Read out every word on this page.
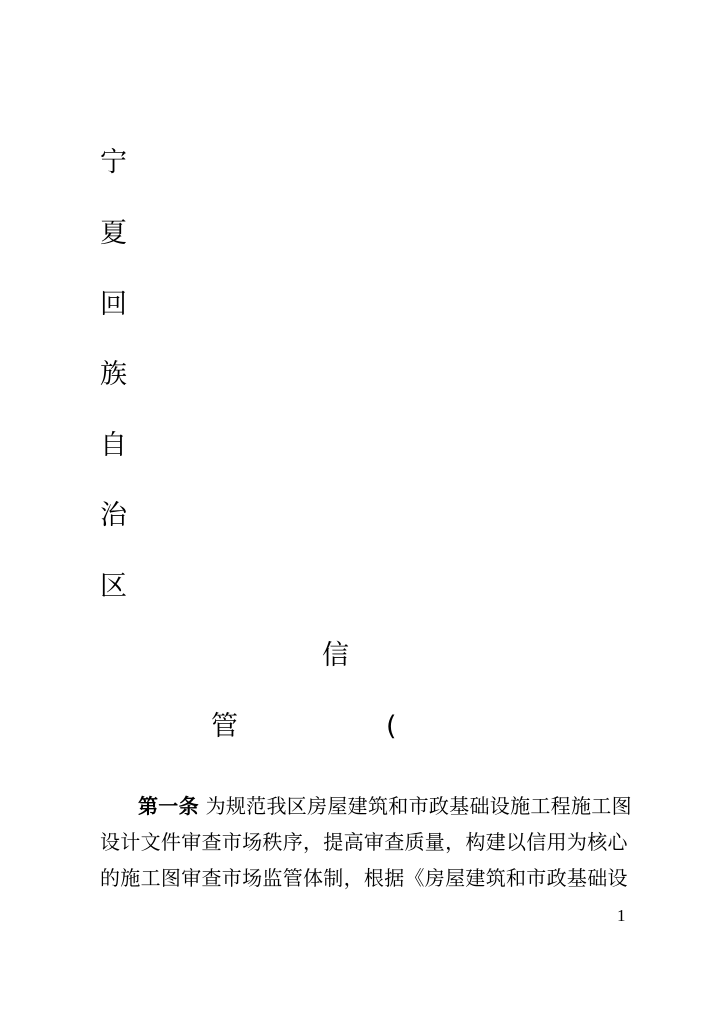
宁
夏
回
族
自
治
区
信
管	(
第一条 为规范我区房屋建筑和市政基础设施工程施工图
设计文件审查市场秩序，提高审查质量，构建以信用为核心
的施工图审查市场监管体制，根据《房屋建筑和市政基础设
1
